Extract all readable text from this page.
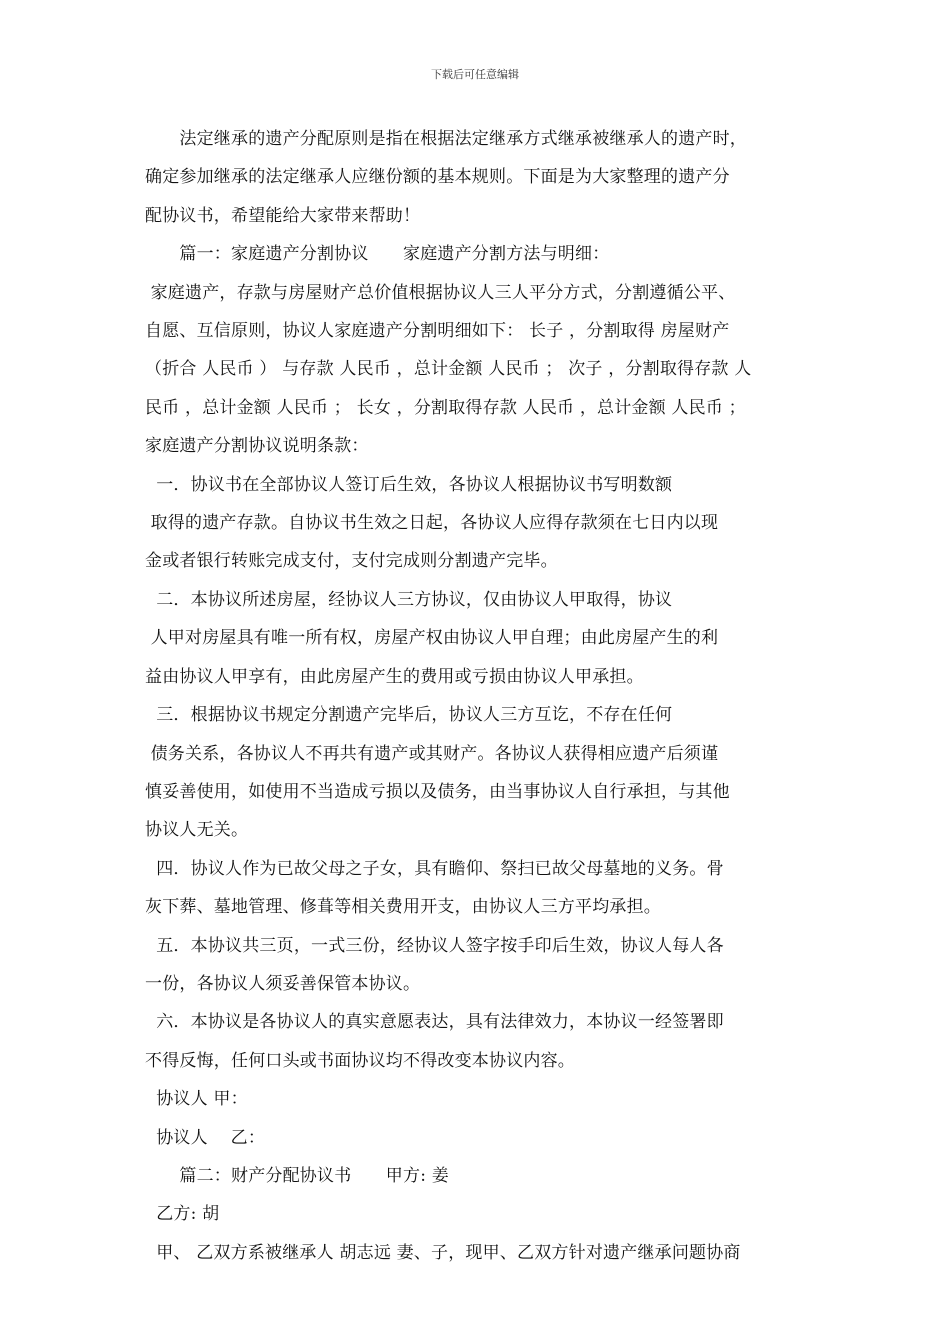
下载后可任意编辑

　　法定继承的遗产分配原则是指在根据法定继承方式继承被继承人的遗产时，

确定参加继承的法定继承人应继份额的基本规则。下面是为大家整理的遗产分

配协议书，希望能给大家带来帮助！

　　篇一：家庭遗产分割协议　　家庭遗产分割方法与明细：

家庭遗产，存款与房屋财产总价值根据协议人三人平分方式，分割遵循公平、

自愿、互信原则，协议人家庭遗产分割明细如下： 长子 ，分割取得 房屋财产

（折合 人民币 ） 与存款 人民币 ，总计金额 人民币 ； 次子 ，分割取得存款 人

民币 ，总计金额 人民币 ； 长女 ，分割取得存款 人民币 ，总计金额 人民币 ；

家庭遗产分割协议说明条款：

一．协议书在全部协议人签订后生效，各协议人根据协议书写明数额

取得的遗产存款。自协议书生效之日起，各协议人应得存款须在七日内以现

金或者银行转账完成支付，支付完成则分割遗产完毕。

二．本协议所述房屋，经协议人三方协议，仅由协议人甲取得，协议

人甲对房屋具有唯一所有权，房屋产权由协议人甲自理；由此房屋产生的利

益由协议人甲享有，由此房屋产生的费用或亏损由协议人甲承担。

三．根据协议书规定分割遗产完毕后，协议人三方互讫，不存在任何

债务关系，各协议人不再共有遗产或其财产。各协议人获得相应遗产后须谨

慎妥善使用，如使用不当造成亏损以及债务，由当事协议人自行承担，与其他

协议人无关。

四．协议人作为已故父母之子女，具有瞻仰、祭扫已故父母墓地的义务。骨

灰下葬、墓地管理、修葺等相关费用开支，由协议人三方平均承担。

五．本协议共三页，一式三份，经协议人签字按手印后生效，协议人每人各

一份，各协议人须妥善保管本协议。

六．本协议是各协议人的真实意愿表达，具有法律效力，本协议一经签署即

不得反悔，任何口头或书面协议均不得改变本协议内容。

协议人 甲：

协议人　 乙：

　　篇二：财产分配协议书　　甲方: 姜

乙方: 胡

甲、 乙双方系被继承人 胡志远 妻、子，现甲、乙双方针对遗产继承问题协商
